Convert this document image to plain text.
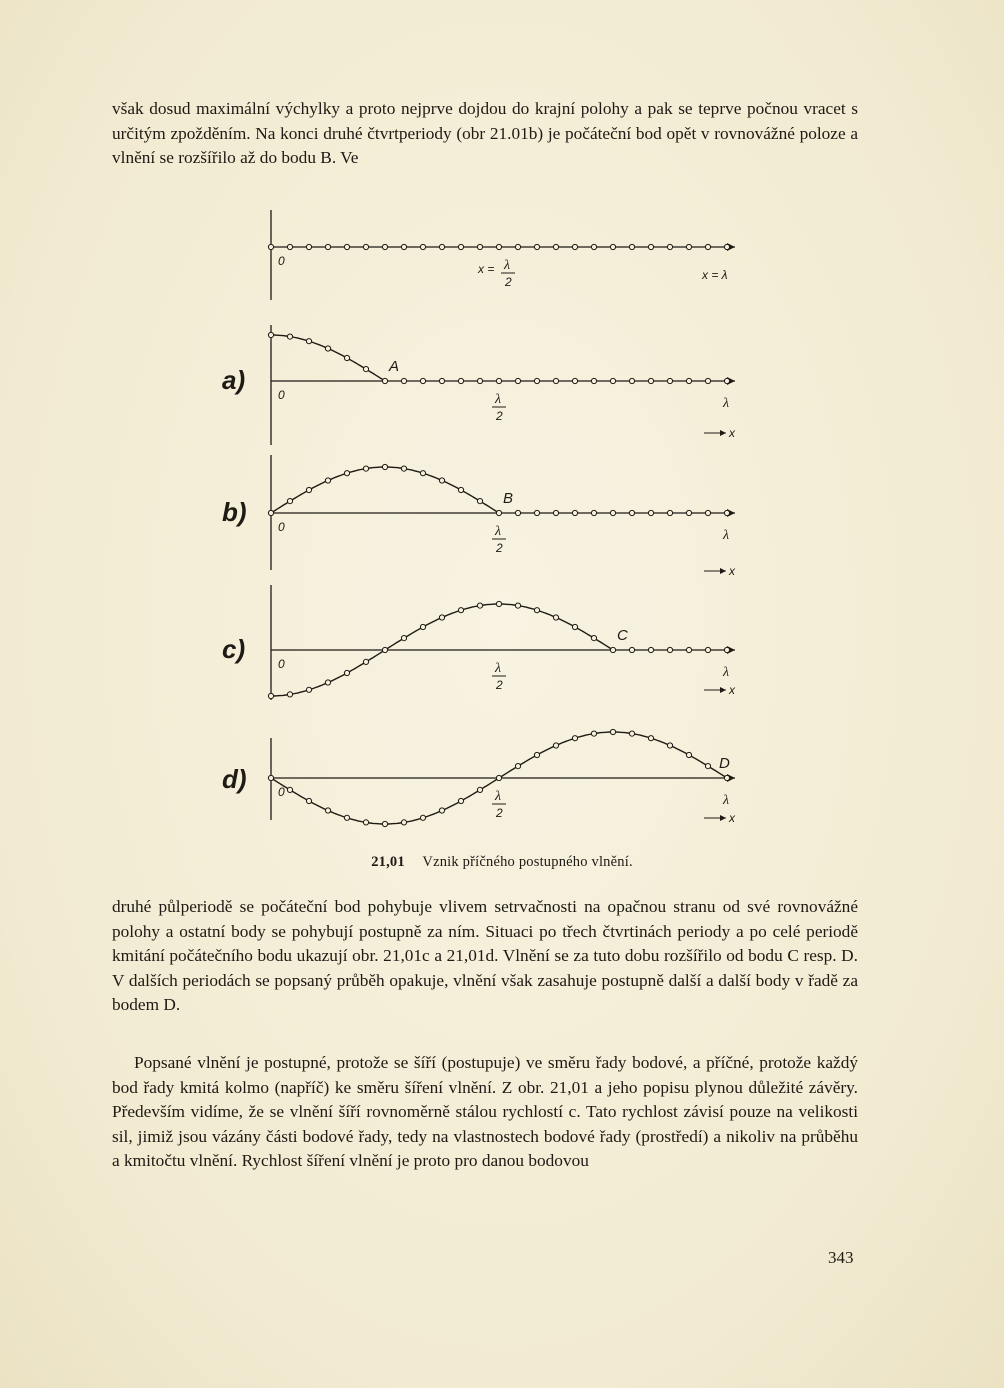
však dosud maximální výchylky a proto nejprve dojdou do krajní polohy a pak se teprve počnou vracet s určitým zpožděním. Na konci druhé čtvrtperiody (obr 21.01b) je počáteční bod opět v rovnovážné poloze a vlnění se rozšířilo až do bodu B. Ve

0
x = λ
2	x = λ
0
a)	A
λ
2
λ
x
0
b)	B
λ
2
λ
x
0
c)	C
λ
2
λ
x
0
d)
D
λ
2
λ
x
21,01 Vznik příčného postupného vlnění.

druhé půlperiodě se počáteční bod pohybuje vlivem setrvačnosti na opačnou stranu od své rovnovážné polohy a ostatní body se pohybují postupně za ním. Situaci po třech čtvrtinách periody a po celé periodě kmitání počátečního bodu ukazují obr. 21,01c a 21,01d. Vlnění se za tuto dobu rozšířilo od bodu C resp. D. V dalších periodách se popsaný průběh opakuje, vlnění však zasahuje postupně další a další body v řadě za bodem D.

Popsané vlnění je postupné, protože se šíří (postupuje) ve směru řady bodové, a příčné, protože každý bod řady kmitá kolmo (napříč) ke směru šíření vlnění. Z obr. 21,01 a jeho popisu plynou důležité závěry. Především vidíme, že se vlnění šíří rovnoměrně stálou rychlostí c. Tato rychlost závisí pouze na velikosti sil, jimiž jsou vázány části bodové řady, tedy na vlastnostech bodové řady (prostředí) a nikoliv na průběhu a kmitočtu vlnění. Rychlost šíření vlnění je proto pro danou bodovou

343
